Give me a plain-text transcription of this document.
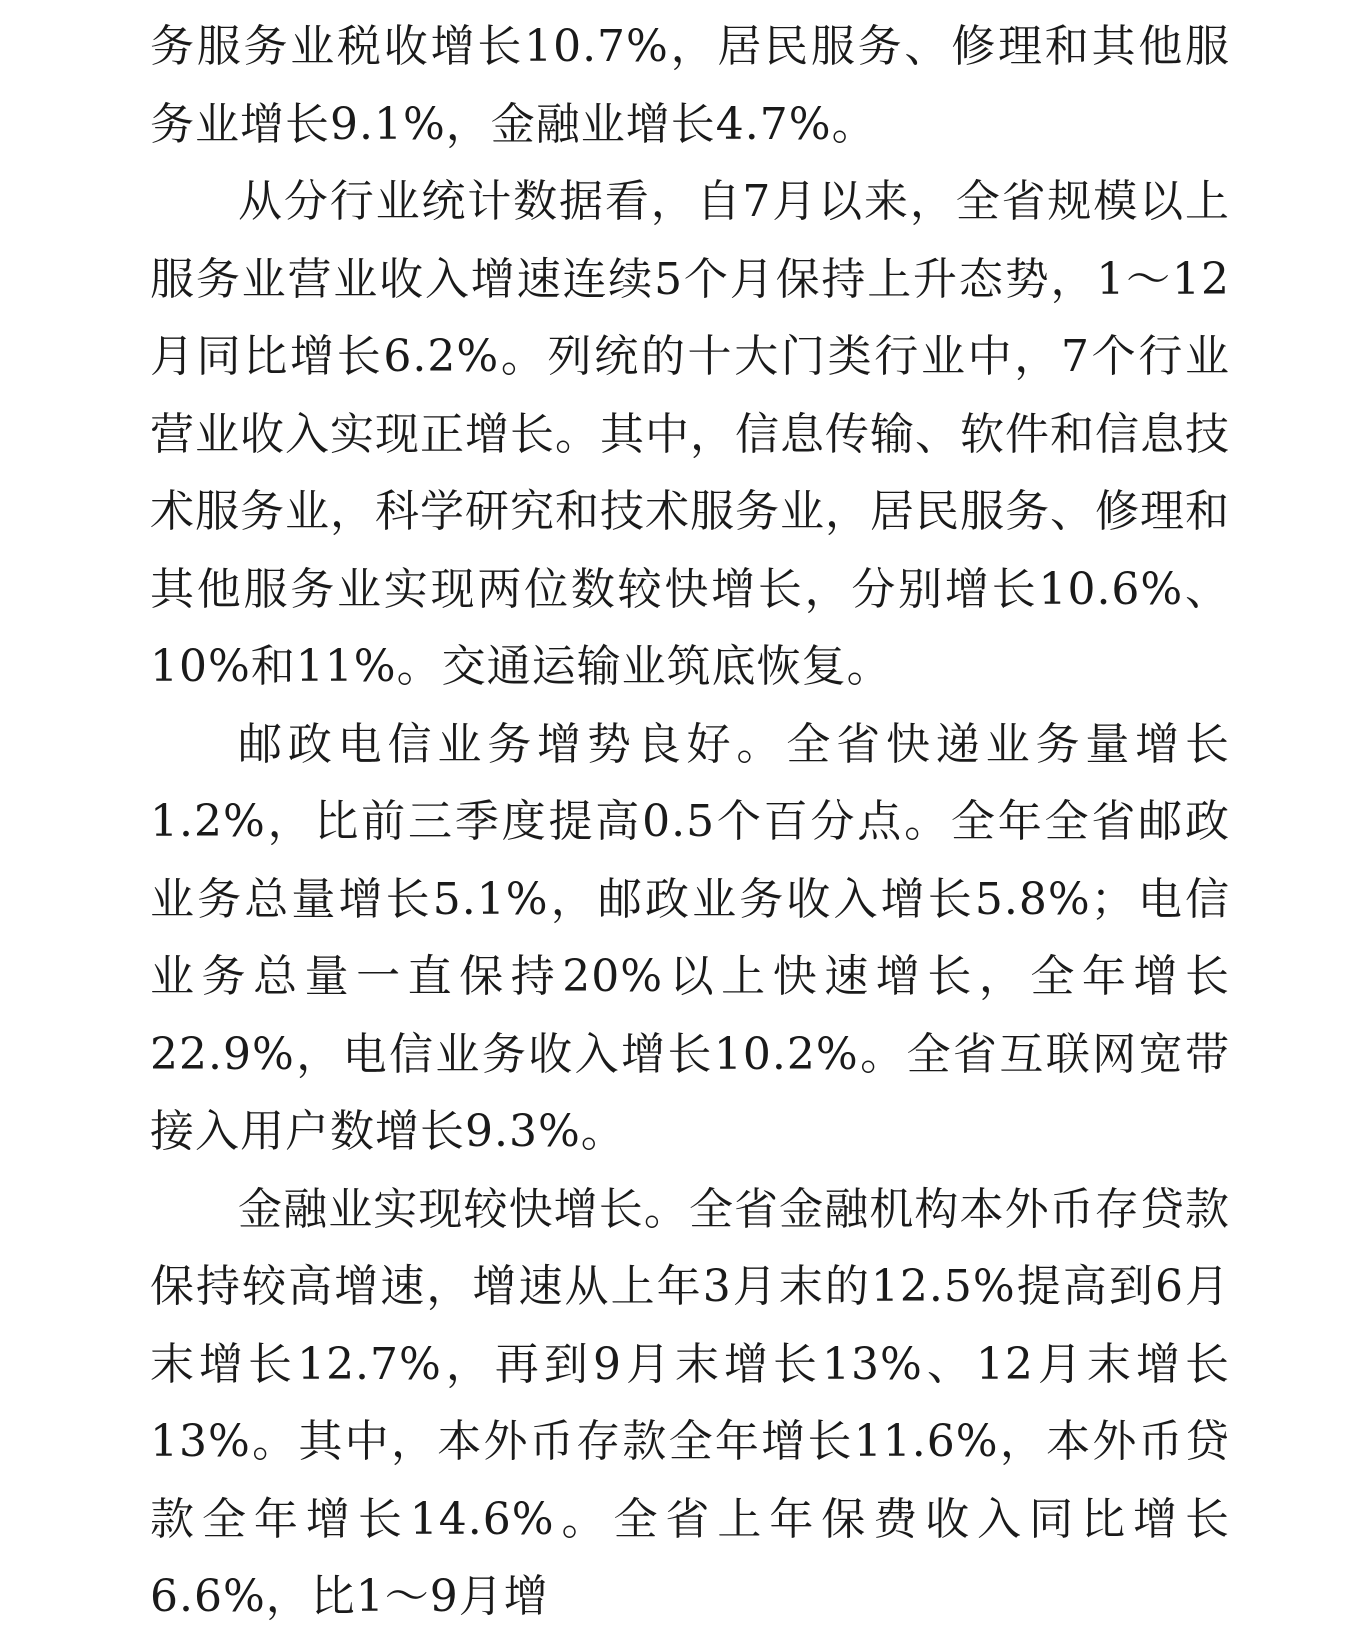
务服务业税收增长10.7%，居民服务、修理和其他服务业增长9.1%，金融业增长4.7%。

从分行业统计数据看，自7月以来，全省规模以上服务业营业收入增速连续5个月保持上升态势，1～12月同比增长6.2%。列统的十大门类行业中，7个行业营业收入实现正增长。其中，信息传输、软件和信息技术服务业，科学研究和技术服务业，居民服务、修理和其他服务业实现两位数较快增长，分别增长10.6%、10%和11%。交通运输业筑底恢复。

邮政电信业务增势良好。全省快递业务量增长1.2%，比前三季度提高0.5个百分点。全年全省邮政业务总量增长5.1%，邮政业务收入增长5.8%；电信业务总量一直保持20%以上快速增长，全年增长22.9%，电信业务收入增长10.2%。全省互联网宽带接入用户数增长9.3%。

金融业实现较快增长。全省金融机构本外币存贷款保持较高增速，增速从上年3月末的12.5%提高到6月末增长12.7%，再到9月末增长13%、12月末增长13%。其中，本外币存款全年增长11.6%，本外币贷款全年增长14.6%。全省上年保费收入同比增长6.6%，比1～9月增
